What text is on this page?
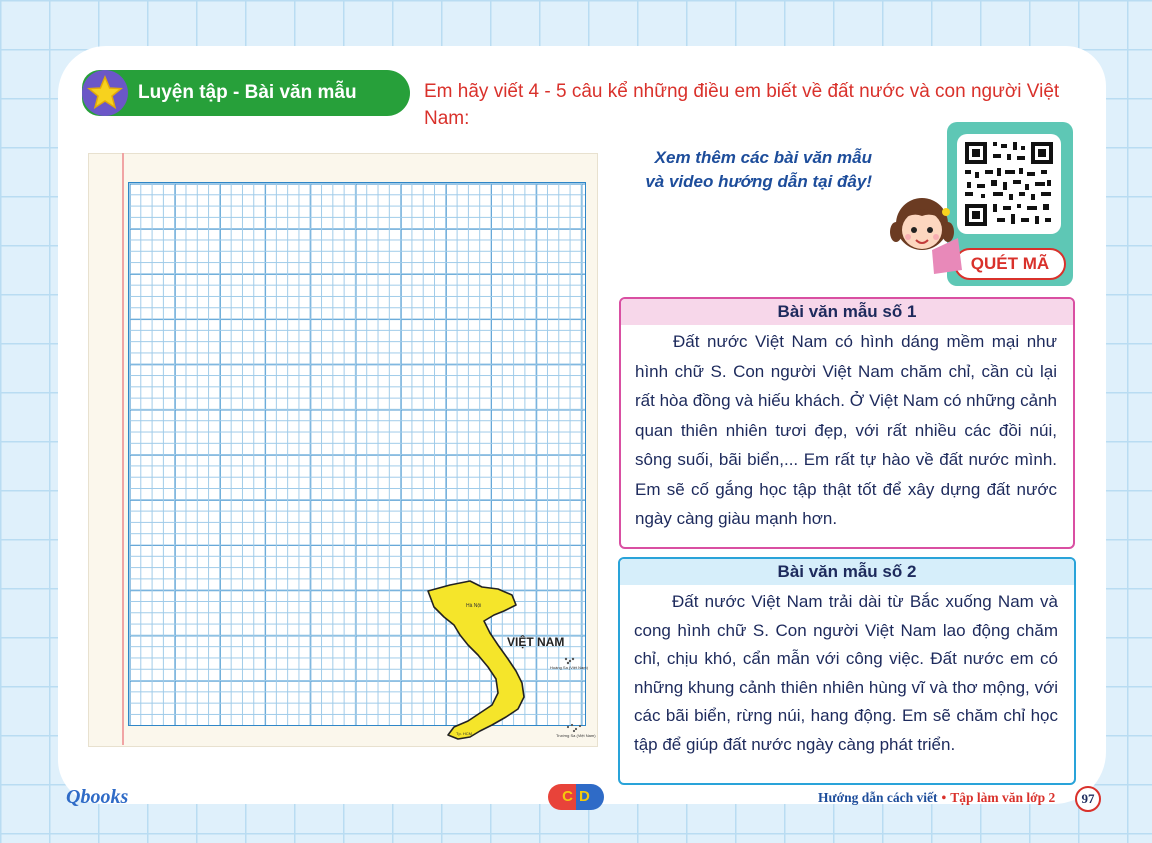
Luyện tập - Bài văn mẫu	Em hãy viết 4 - 5 câu kể những điều em biết về đất nước và con người Việt Nam:
Hà Nội
Hoàng Sa (Việt Nam)
Tp. HCM	Trường Sa (Việt Nam)
VIỆT NAM
Xem thêm các bài văn mẫu và video hướng dẫn tại đây!
QUÉT MÃ
Bài văn mẫu số 1
Đất nước Việt Nam có hình dáng mềm mại như hình chữ S. Con người Việt Nam chăm chỉ, cần cù lại rất hòa đồng và hiếu khách. Ở Việt Nam có những cảnh quan thiên nhiên tươi đẹp, với rất nhiều các đồi núi, sông suối, bãi biển,... Em rất tự hào về đất nước mình. Em sẽ cố gắng học tập thật tốt để xây dựng đất nước ngày càng giàu mạnh hơn.
Bài văn mẫu số 2
Đất nước Việt Nam trải dài từ Bắc xuống Nam và cong hình chữ S. Con người Việt Nam lao động chăm chỉ, chịu khó, cẩn mẫn với công việc. Đất nước em có những khung cảnh thiên nhiên hùng vĩ và thơ mộng, với các bãi biển, rừng núi, hang động. Em sẽ chăm chỉ học tập để giúp đất nước ngày càng phát triển.
Qbooks	CD	Hướng dẫn cách viết • Tập làm văn lớp 2	97
